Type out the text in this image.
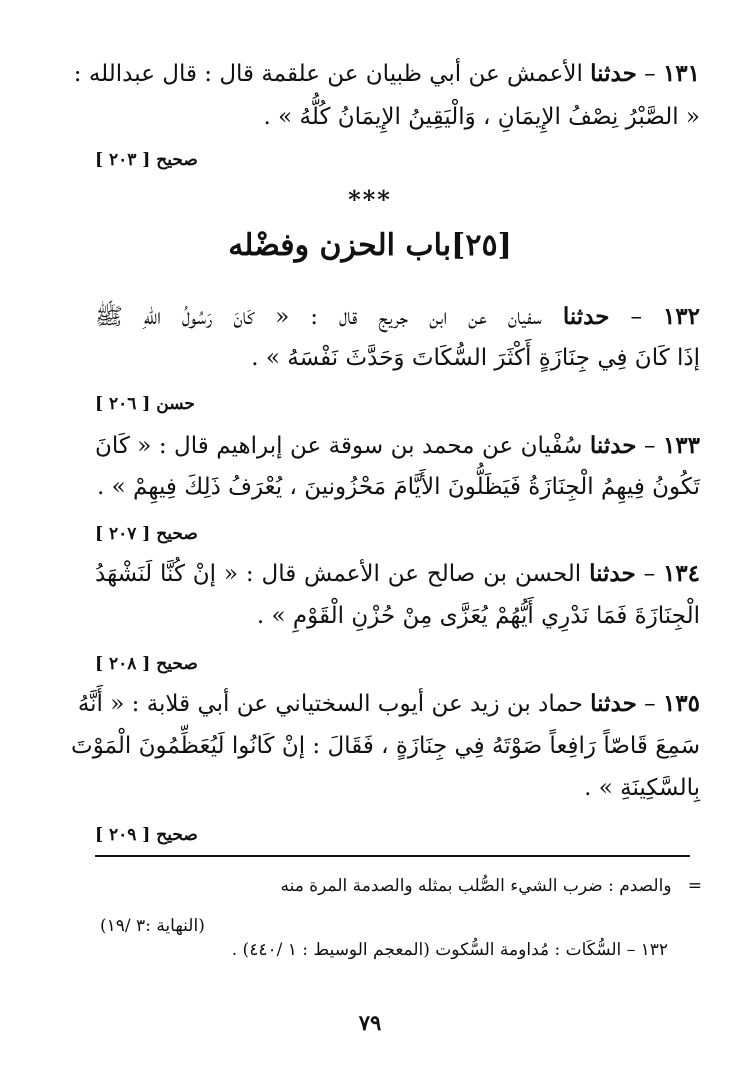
١٣١ – حدثنا الأعمش عن أبي ظبيان عن علقمة قال : قال عبدالله :
« الصَّبْرُ نِصْفُ الإِيمَانِ ، وَالْيَقِينُ الإِيمَانُ كُلُّهُ » .
صحيح [ ٢٠٣ ]
***
[٢٥]باب الحزن وفضْله
١٣٢ – حدثنا سفيان عن ابن جريج قال : « كَانَ رَسُولُ اللّهِ ﷺ
إذَا كَانَ فِي جِنَازَةٍ أَكْثَرَ السُّكَاتَ وَحَدَّثَ نَفْسَهُ » .
حسن [ ٢٠٦ ]
١٣٣ – حدثنا سُفْيان عن محمد بن سوقة عن إبراهيم قال : « كَانَ
تَكُونُ فِيهِمُ الْجِنَازَةُ فَيَظَلُّونَ الأَيَّامَ مَحْزُونينَ ، يُعْرَفُ ذَلِكَ فِيهِمْ » .
صحيح [ ٢٠٧ ]
١٣٤ – حدثنا الحسن بن صالح عن الأعمش قال : « إنْ كُنَّا لَنَشْهَدُ
الْجِنَازَةَ فَمَا نَدْرِي أَيُّهُمْ يُعَزَّى مِنْ حُزْنِ الْقَوْمِ » .
صحيح [ ٢٠٨ ]
١٣٥ – حدثنا حماد بن زيد عن أيوب السختياني عن أبي قلابة : « أَنَّهُ
سَمِعَ قَاصّاً رَافِعاً صَوْتَهُ فِي جِنَازَةٍ ، فَقَالَ : إنْ كَانُوا لَيُعَظِّمُونَ الْمَوْتَ
بِالسَّكِينَةِ » .
صحيح [ ٢٠٩ ]
=   والصدم : ضرب الشيء الصُّلب بمثله والصدمة المرة منه
(النهاية :٣ /١٩)
١٣٢ – السُّكَات : مُداومة السُّكوت (المعجم الوسيط : ١ /٤٤٠) .
٧٩
